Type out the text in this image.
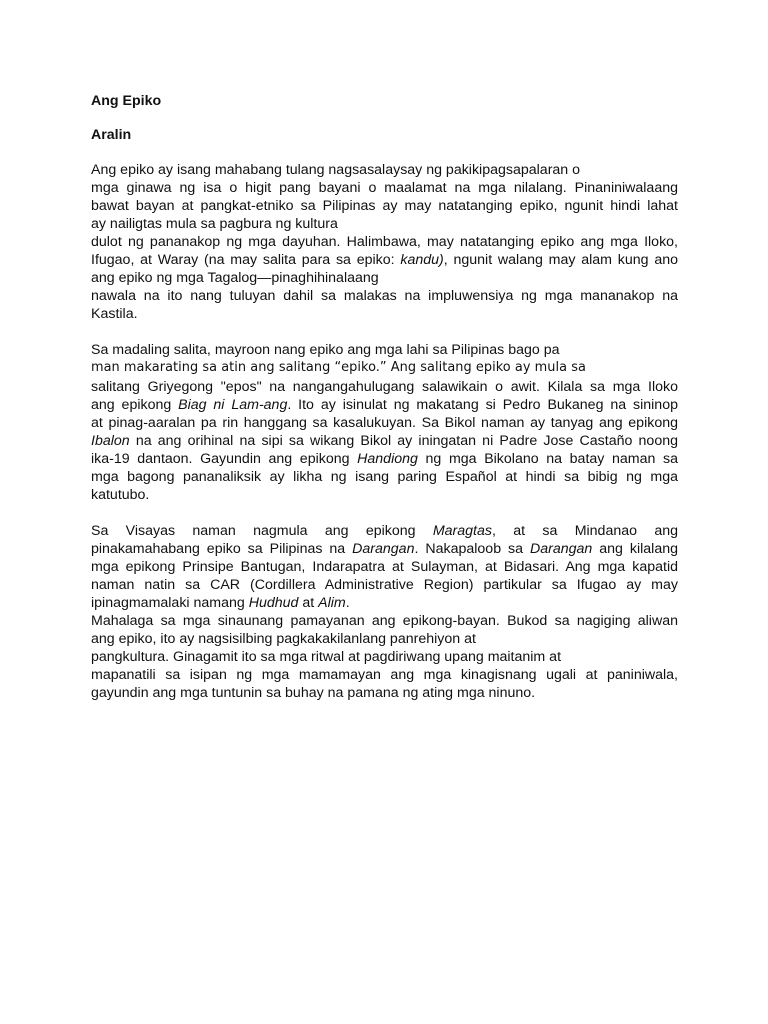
Ang Epiko
Aralin
Ang epiko ay isang mahabang tulang nagsasalaysay ng pakikipagsapalaran o
mga ginawa ng isa o higit pang bayani o maalamat na mga nilalang. Pinaniniwalaang
bawat bayan at pangkat-etniko sa Pilipinas ay may natatanging epiko, ngunit hindi lahat
ay nailigtas mula sa pagbura ng kultura
dulot ng pananakop ng mga dayuhan. Halimbawa, may natatanging epiko ang mga Iloko,
Ifugao, at Waray (na may salita para sa epiko: kandu), ngunit walang may alam kung ano
ang epiko ng mga Tagalog—pinaghihinalaang
nawala na ito nang tuluyan dahil sa malakas na impluwensiya ng mga mananakop na
Kastila.
Sa madaling salita, mayroon nang epiko ang mga lahi sa Pilipinas bago pa
man makarating sa atin ang salitang “epiko.” Ang salitang epiko ay mula sa
salitang Griyegong "epos" na nangangahulugang salawikain o awit. Kilala sa mga Iloko
ang epikong Biag ni Lam-ang. Ito ay isinulat ng makatang si Pedro Bukaneg na sininop
at pinag-aaralan pa rin hanggang sa kasalukuyan. Sa Bikol naman ay tanyag ang epikong
Ibalon na ang orihinal na sipi sa wikang Bikol ay iningatan ni Padre Jose Castaño noong
ika-19 dantaon. Gayundin ang epikong Handiong ng mga Bikolano na batay naman sa
mga bagong pananaliksik ay likha ng isang paring Español at hindi sa bibig ng mga
katutubo.
Sa Visayas naman nagmula ang epikong Maragtas, at sa Mindanao ang
pinakamahabang epiko sa Pilipinas na Darangan. Nakapaloob sa Darangan ang kilalang
mga epikong Prinsipe Bantugan, Indarapatra at Sulayman, at Bidasari. Ang mga kapatid
naman natin sa CAR (Cordillera Administrative Region) partikular sa Ifugao ay may
ipinagmamalaki namang Hudhud at Alim.
Mahalaga sa mga sinaunang pamayanan ang epikong-bayan. Bukod sa nagiging aliwan
ang epiko, ito ay nagsisilbing pagkakakilanlang panrehiyon at
pangkultura. Ginagamit ito sa mga ritwal at pagdiriwang upang maitanim at
mapanatili sa isipan ng mga mamamayan ang mga kinagisnang ugali at paniniwala,
gayundin ang mga tuntunin sa buhay na pamana ng ating mga ninuno.
